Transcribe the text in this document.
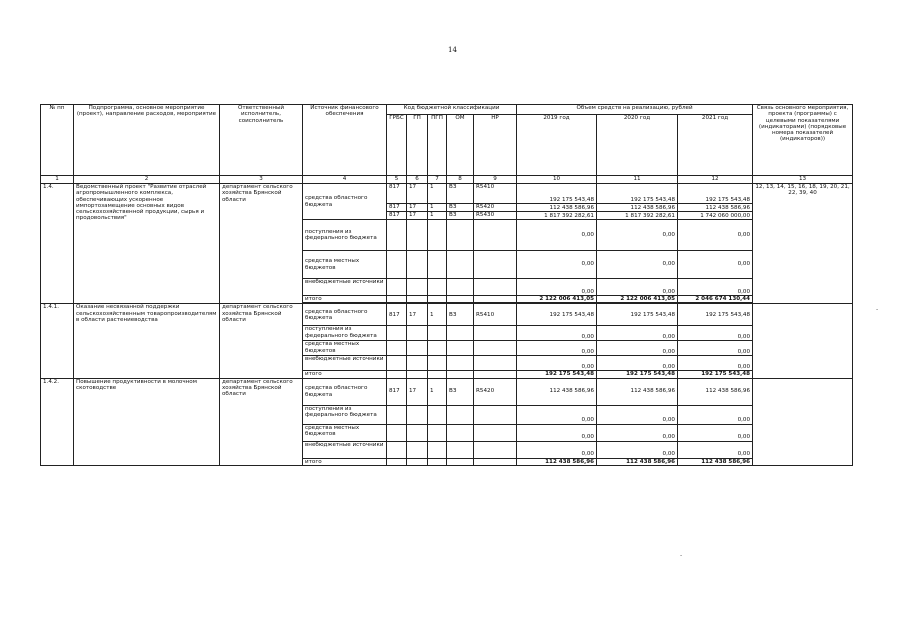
14
№ пп	Подпрограмма, основное мероприятие (проект), направление расходов, мероприятие	Ответственный исполнитель, соисполнитель	Источник финансового обеспечения	Код бюджетной классификации					Объем средств на реализацию, рублей			Связь основного мероприятия, проекта (программы) с целевыми показателями (индикаторами) (порядковые номера показателей (индикаторов))
				ГРБС	ГП	ПГП	ОМ	НР	2019 год	2020 год	2021 год	
1	2	3	4	5	6	7	8	9	10	11	12	13
1.4.	Ведомственный проект "Развитие отраслей агропромышленного комплекса, обеспечивающих ускоренное импортозамещение основных видов сельскохозяйственной продукции, сырья и продовольствия"	департамент сельского хозяйства Брянской области	средства областного бюджета	817	17	1	ВЗ	R5410	192 175 543,48	192 175 543,48	192 175 543,48	12, 13, 14, 15, 16, 18, 19, 20, 21, 22, 39, 40
				817	17	1	ВЗ	R5420	112 438 586,96	112 438 586,96	112 438 586,96	
				817	17	1	ВЗ	R5430	1 817 392 282,61	1 817 392 282,61	1 742 060 000,00	
			поступления из федерального бюджета						0,00	0,00	0,00	
			средства местных бюджетов						0,00	0,00	0,00	
			внебюджетные источники						0,00	0,00	0,00	
			итого						2 122 006 413,05	2 122 006 413,05	2 046 674 130,44	

1.4.1.	Оказание несвязанной поддержки сельскохозяйственным товаропроизводителям в области растениеводства	департамент сельского хозяйства Брянской области	средства областного бюджета	817	17	1	ВЗ	R5410	192 175 543,48	192 175 543,48	192 175 543,48	
			поступления из федерального бюджета						0,00	0,00	0,00	
			средства местных бюджетов						0,00	0,00	0,00	
			внебюджетные источники						0,00	0,00	0,00	
			итого						192 175 543,48	192 175 543,48	192 175 543,48	
1.4.2.	Повышение продуктивности в молочном скотоводстве	департамент сельского хозяйства Брянской области	средства областного бюджета	817	17	1	ВЗ	R5420	112 438 586,96	112 438 586,96	112 438 586,96	
			поступления из федерального бюджета						0,00	0,00	0,00	
			средства местных бюджетов						0,00	0,00	0,00	
			внебюджетные источники						0,00	0,00	0,00	
			итого						112 438 586,96	112 438 586,96	112 438 586,96	
-
-
